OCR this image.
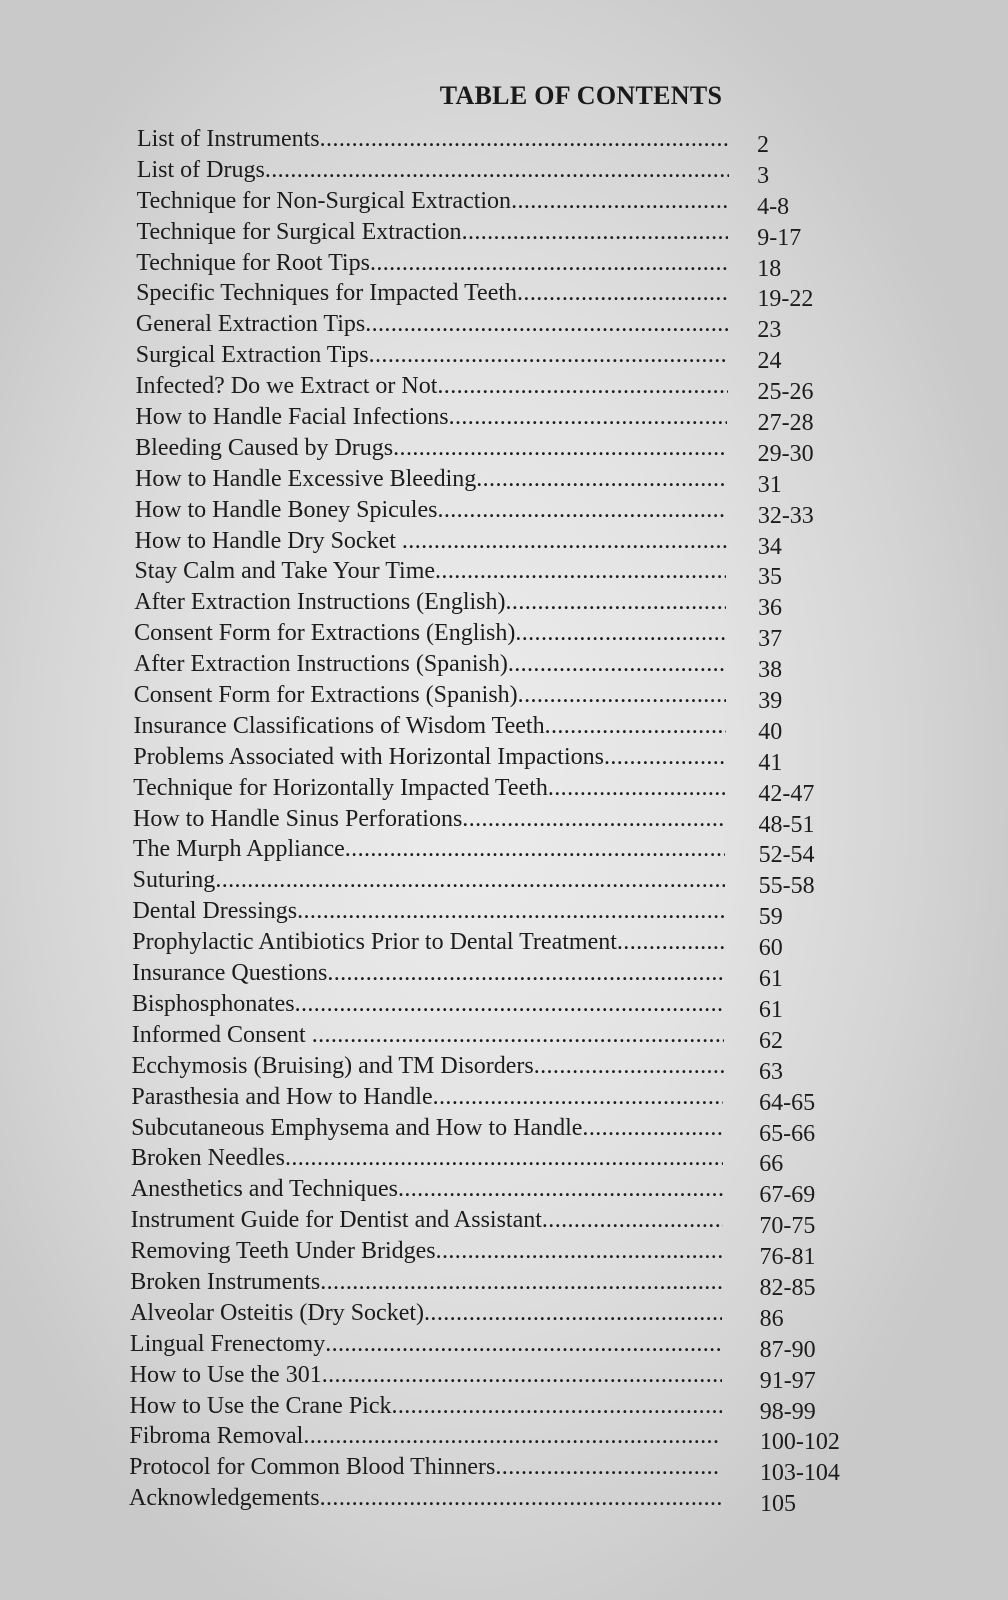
TABLE OF CONTENTS
List of Instruments .....	2
List of Drugs .....	3
Technique for Non-Surgical Extraction .....	4-8
Technique for Surgical Extraction .....	9-17
Technique for Root Tips .....	18
Specific Techniques for Impacted Teeth .....	19-22
General Extraction Tips .....	23
Surgical Extraction Tips .....	24
Infected? Do we Extract or Not .....	25-26
How to Handle Facial Infections .....	27-28
Bleeding Caused by Drugs .....	29-30
How to Handle Excessive Bleeding .....	31
How to Handle Boney Spicules .....	32-33
How to Handle Dry Socket .....	34
Stay Calm and Take Your Time .....	35
After Extraction Instructions (English) .....	36
Consent Form for Extractions (English) .....	37
After Extraction Instructions (Spanish) .....	38
Consent Form for Extractions (Spanish) .....	39
Insurance Classifications of Wisdom Teeth .....	40
Problems Associated with Horizontal Impactions .....	41
Technique for Horizontally Impacted Teeth .....	42-47
How to Handle Sinus Perforations .....	48-51
The Murph Appliance .....	52-54
Suturing .....	55-58
Dental Dressings .....	59
Prophylactic Antibiotics Prior to Dental Treatment .....	60
Insurance Questions .....	61
Bisphosphonates .....	61
Informed Consent .....	62
Ecchymosis (Bruising) and TM Disorders .....	63
Parasthesia and How to Handle .....	64-65
Subcutaneous Emphysema and How to Handle .....	65-66
Broken Needles .....	66
Anesthetics and Techniques .....	67-69
Instrument Guide for Dentist and Assistant .....	70-75
Removing Teeth Under Bridges .....	76-81
Broken Instruments .....	82-85
Alveolar Osteitis (Dry Socket) .....	86
Lingual Frenectomy .....	87-90
How to Use the 301 .....	91-97
How to Use the Crane Pick .....	98-99
Fibroma Removal .....	100-102
Protocol for Common Blood Thinners .....	103-104
Acknowledgements .....	105
